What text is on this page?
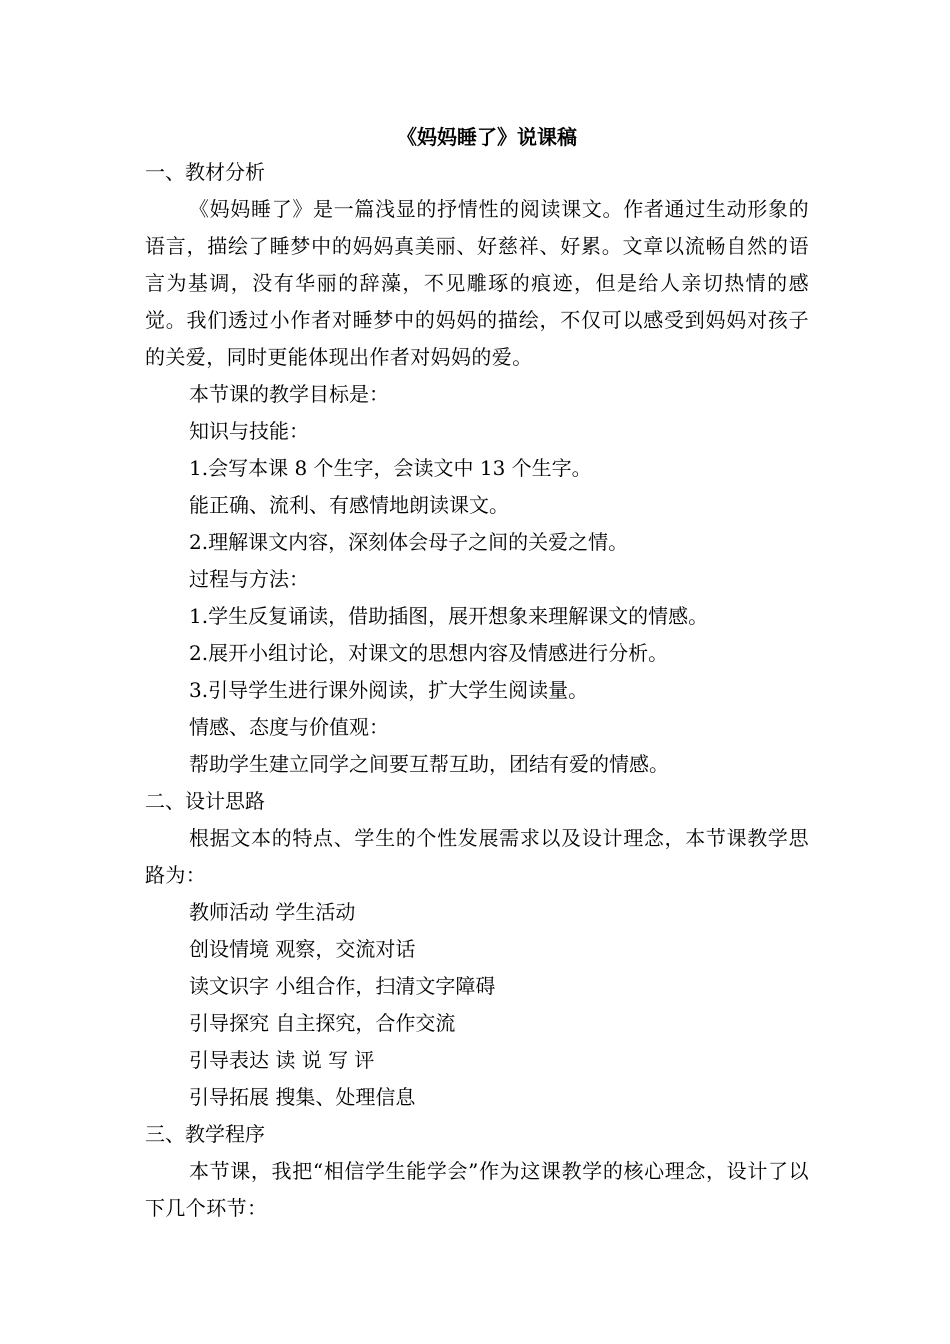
《妈妈睡了》说课稿
一、教材分析

《妈妈睡了》是一篇浅显的抒情性的阅读课文。作者通过生动形象的语言，描绘了睡梦中的妈妈真美丽、好慈祥、好累。文章以流畅自然的语言为基调，没有华丽的辞藻，不见雕琢的痕迹，但是给人亲切热情的感觉。我们透过小作者对睡梦中的妈妈的描绘，不仅可以感受到妈妈对孩子的关爱，同时更能体现出作者对妈妈的爱。

本节课的教学目标是：
知识与技能：
1.会写本课 8 个生字，会读文中 13 个生字。
能正确、流利、有感情地朗读课文。
2.理解课文内容，深刻体会母子之间的关爱之情。
过程与方法：
1.学生反复诵读，借助插图，展开想象来理解课文的情感。
2.展开小组讨论，对课文的思想内容及情感进行分析。
3.引导学生进行课外阅读，扩大学生阅读量。
情感、态度与价值观：
帮助学生建立同学之间要互帮互助，团结有爱的情感。
二、设计思路

根据文本的特点、学生的个性发展需求以及设计理念，本节课教学思路为：

教师活动 学生活动
创设情境 观察，交流对话
读文识字 小组合作，扫清文字障碍
引导探究 自主探究，合作交流
引导表达 读 说 写 评
引导拓展 搜集、处理信息
三、教学程序

本节课，我把“相信学生能学会”作为这课教学的核心理念，设计了以下几个环节：
